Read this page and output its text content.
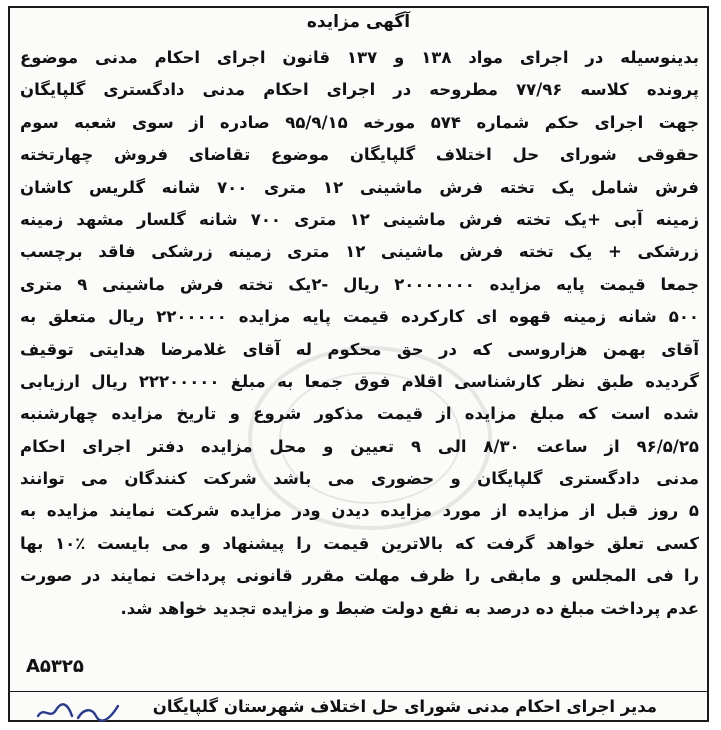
آگهی مزایده
بدینوسیله در اجرای مواد ۱۳۸ و ۱۳۷ قانون اجرای احکام مدنی موضوع
پرونده کلاسه ۷۷/۹۶ مطروحه در اجرای احکام مدنی دادگستری گلپایگان
جهت اجرای حکم شماره ۵۷۴ مورخه ۹۵/۹/۱۵ صادره از سوی شعبه سوم
حقوقی شورای حل اختلاف گلپایگان موضوع تقاضای فروش چهارتخته
فرش شامل یک تخته فرش ماشینی ۱۲ متری ۷۰۰ شانه گلریس کاشان
زمینه آبی +یک تخته فرش ماشینی ۱۲ متری ۷۰۰ شانه گلسار مشهد زمینه
زرشکی + یک تخته فرش ماشینی ۱۲ متری زمینه زرشکی فاقد برچسب
جمعا قیمت پایه مزایده ۲۰۰۰۰۰۰۰ ریال -۲یک تخته فرش ماشینی ۹ متری
۵۰۰ شانه زمینه قهوه ای کارکرده قیمت پایه مزایده ۲۲۰۰۰۰۰ ریال متعلق به
آقای بهمن هزاروسی که در حق محکوم له آقای غلامرضا هدایتی توقیف
گردیده طبق نظر کارشناسی اقلام فوق جمعا به مبلغ ۲۲۲۰۰۰۰۰ ریال ارزیابی
شده است که مبلغ مزایده از قیمت مذکور شروع و تاریخ مزایده چهارشنبه
۹۶/۵/۲۵ از ساعت ۸/۳۰ الی ۹ تعیین و محل مزایده دفتر اجرای احکام
مدنی دادگستری گلپایگان و حضوری می باشد شرکت کنندگان می توانند
۵ روز قبل از مزایده از مورد مزایده دیدن ودر مزایده شرکت نمایند مزایده به
کسی تعلق خواهد گرفت که بالاترین قیمت را پیشنهاد و می بایست ٪۱۰ بها
را فی المجلس و مابقی را ظرف مهلت مقرر قانونی پرداخت نمایند در صورت
عدم پرداخت مبلغ ده درصد به نفع دولت ضبط و مزایده تجدید خواهد شد.
A۵۳۲۵
مدیر اجرای احکام مدنی شورای حل اختلاف شهرستان گلپایگان
